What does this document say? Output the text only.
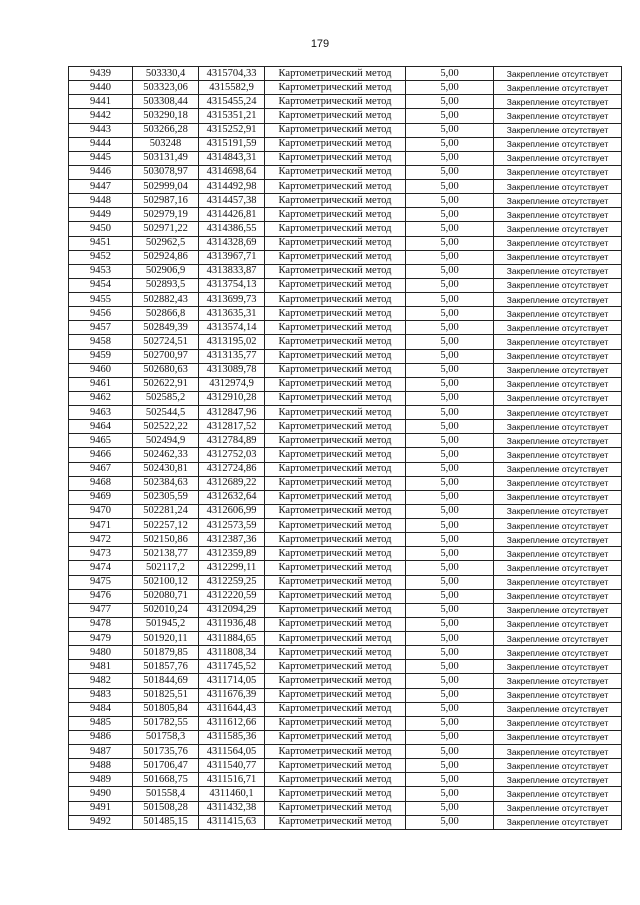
179
9439	503330,4	4315704,33	Картометрический метод	5,00	Закрепление отсутствует
9440	503323,06	4315582,9	Картометрический метод	5,00	Закрепление отсутствует
9441	503308,44	4315455,24	Картометрический метод	5,00	Закрепление отсутствует
9442	503290,18	4315351,21	Картометрический метод	5,00	Закрепление отсутствует
9443	503266,28	4315252,91	Картометрический метод	5,00	Закрепление отсутствует
9444	503248	4315191,59	Картометрический метод	5,00	Закрепление отсутствует
9445	503131,49	4314843,31	Картометрический метод	5,00	Закрепление отсутствует
9446	503078,97	4314698,64	Картометрический метод	5,00	Закрепление отсутствует
9447	502999,04	4314492,98	Картометрический метод	5,00	Закрепление отсутствует
9448	502987,16	4314457,38	Картометрический метод	5,00	Закрепление отсутствует
9449	502979,19	4314426,81	Картометрический метод	5,00	Закрепление отсутствует
9450	502971,22	4314386,55	Картометрический метод	5,00	Закрепление отсутствует
9451	502962,5	4314328,69	Картометрический метод	5,00	Закрепление отсутствует
9452	502924,86	4313967,71	Картометрический метод	5,00	Закрепление отсутствует
9453	502906,9	4313833,87	Картометрический метод	5,00	Закрепление отсутствует
9454	502893,5	4313754,13	Картометрический метод	5,00	Закрепление отсутствует
9455	502882,43	4313699,73	Картометрический метод	5,00	Закрепление отсутствует
9456	502866,8	4313635,31	Картометрический метод	5,00	Закрепление отсутствует
9457	502849,39	4313574,14	Картометрический метод	5,00	Закрепление отсутствует
9458	502724,51	4313195,02	Картометрический метод	5,00	Закрепление отсутствует
9459	502700,97	4313135,77	Картометрический метод	5,00	Закрепление отсутствует
9460	502680,63	4313089,78	Картометрический метод	5,00	Закрепление отсутствует
9461	502622,91	4312974,9	Картометрический метод	5,00	Закрепление отсутствует
9462	502585,2	4312910,28	Картометрический метод	5,00	Закрепление отсутствует
9463	502544,5	4312847,96	Картометрический метод	5,00	Закрепление отсутствует
9464	502522,22	4312817,52	Картометрический метод	5,00	Закрепление отсутствует
9465	502494,9	4312784,89	Картометрический метод	5,00	Закрепление отсутствует
9466	502462,33	4312752,03	Картометрический метод	5,00	Закрепление отсутствует
9467	502430,81	4312724,86	Картометрический метод	5,00	Закрепление отсутствует
9468	502384,63	4312689,22	Картометрический метод	5,00	Закрепление отсутствует
9469	502305,59	4312632,64	Картометрический метод	5,00	Закрепление отсутствует
9470	502281,24	4312606,99	Картометрический метод	5,00	Закрепление отсутствует
9471	502257,12	4312573,59	Картометрический метод	5,00	Закрепление отсутствует
9472	502150,86	4312387,36	Картометрический метод	5,00	Закрепление отсутствует
9473	502138,77	4312359,89	Картометрический метод	5,00	Закрепление отсутствует
9474	502117,2	4312299,11	Картометрический метод	5,00	Закрепление отсутствует
9475	502100,12	4312259,25	Картометрический метод	5,00	Закрепление отсутствует
9476	502080,71	4312220,59	Картометрический метод	5,00	Закрепление отсутствует
9477	502010,24	4312094,29	Картометрический метод	5,00	Закрепление отсутствует
9478	501945,2	4311936,48	Картометрический метод	5,00	Закрепление отсутствует
9479	501920,11	4311884,65	Картометрический метод	5,00	Закрепление отсутствует
9480	501879,85	4311808,34	Картометрический метод	5,00	Закрепление отсутствует
9481	501857,76	4311745,52	Картометрический метод	5,00	Закрепление отсутствует
9482	501844,69	4311714,05	Картометрический метод	5,00	Закрепление отсутствует
9483	501825,51	4311676,39	Картометрический метод	5,00	Закрепление отсутствует
9484	501805,84	4311644,43	Картометрический метод	5,00	Закрепление отсутствует
9485	501782,55	4311612,66	Картометрический метод	5,00	Закрепление отсутствует
9486	501758,3	4311585,36	Картометрический метод	5,00	Закрепление отсутствует
9487	501735,76	4311564,05	Картометрический метод	5,00	Закрепление отсутствует
9488	501706,47	4311540,77	Картометрический метод	5,00	Закрепление отсутствует
9489	501668,75	4311516,71	Картометрический метод	5,00	Закрепление отсутствует
9490	501558,4	4311460,1	Картометрический метод	5,00	Закрепление отсутствует
9491	501508,28	4311432,38	Картометрический метод	5,00	Закрепление отсутствует
9492	501485,15	4311415,63	Картометрический метод	5,00	Закрепление отсутствует
